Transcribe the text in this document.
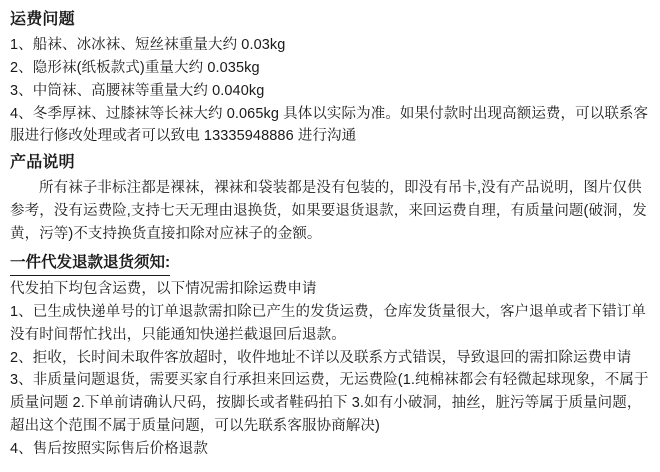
运费问题

1、船袜、冰冰袜、短丝袜重量大约 0.03kg

2、隐形袜(纸板款式)重量大约 0.035kg

3、中筒袜、高腰袜等重量大约 0.040kg

4、冬季厚袜、过膝袜等长袜大约 0.065kg 具体以实际为准。如果付款时出现高额运费，可以联系客服进行修改处理或者可以致电 13335948886 进行沟通

产品说明

所有袜子非标注都是裸袜，裸袜和袋装都是没有包装的，即没有吊卡,没有产品说明，图片仅供参考，没有运费险,支持七天无理由退换货，如果要退货退款，来回运费自理，有质量问题(破洞，发黄，污等)不支持换货直接扣除对应袜子的金额。

一件代发退款退货须知:

代发拍下均包含运费，以下情况需扣除运费申请

1、已生成快递单号的订单退款需扣除已产生的发货运费，仓库发货量很大，客户退单或者下错订单没有时间帮忙找出，只能通知快递拦截退回后退款。

2、拒收，长时间未取件客放超时，收件地址不详以及联系方式错误，导致退回的需扣除运费申请

3、非质量问题退货，需要买家自行承担来回运费，无运费险(1.纯棉袜都会有轻微起球现象，不属于质量问题 2.下单前请确认尺码，按脚长或者鞋码拍下 3.如有小破洞，抽丝，脏污等属于质量问题，超出这个范围不属于质量问题，可以先联系客服协商解决)

4、售后按照实际售后价格退款
